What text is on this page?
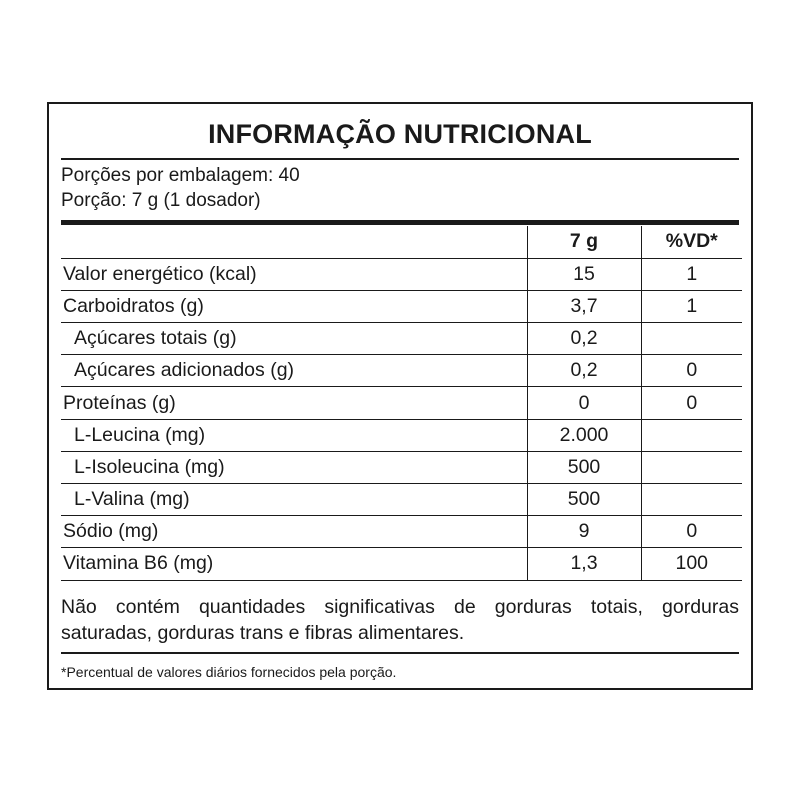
INFORMAÇÃO NUTRICIONAL
Porções por embalagem: 40
Porção: 7 g (1 dosador)
	7 g	%VD*
Valor energético (kcal)	15	1
Carboidratos (g)	3,7	1
Açúcares totais (g)	0,2	
Açúcares adicionados (g)	0,2	0
Proteínas (g)	0	0
L-Leucina (mg)	2.000	
L-Isoleucina (mg)	500	
L-Valina (mg)	500	
Sódio (mg)	9	0
Vitamina B6 (mg)	1,3	100
Não contém quantidades significativas de gorduras totais, gorduras saturadas, gorduras trans e fibras alimentares.
*Percentual de valores diários fornecidos pela porção.
